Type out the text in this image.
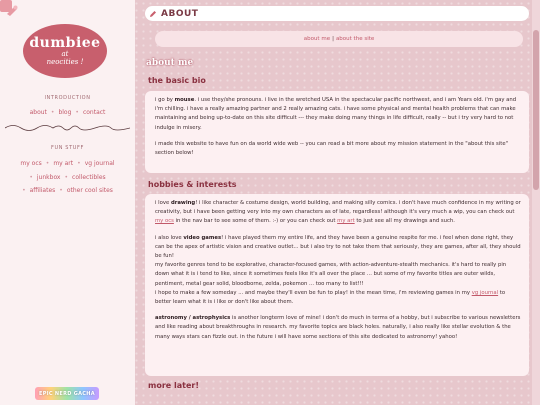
dumbiee
at
neocities !
INTRODUCTION
about • blog • contact
FUN STUFF
my ocs • my art • vg journal
• junkbox • collectibles
• affiliates • other cool sites
EPIC NERD GACHA
ABOUT
about me | about the site
about me
the basic bio

i go by mouse. i use they/she pronouns. i live in the wretched USA in the spectacular pacific northwest, and i am Years old. i'm gay and i'm chilling. i have a really amazing partner and 2 really amazing cats. i have some physical and mental health problems that can make maintaining and being up-to-date on this site difficult --- they make doing many things in life difficult, really -- but i try very hard to not indulge in misery.

i made this website to have fun on da world wide web -- you can read a bit more about my mission statement in the "about this site" section below!

hobbies & interests

i love drawing! i like character & costume design, world building, and making silly comics. i don't have much confidence in my writing or creativity, but i have been getting very into my own characters as of late, regardless! although it's very much a wip, you can check out my ocs in the nav bar to see some of them. :-) or you can check out my art to just see all my drawings and such.

i also love video games! i have played them my entire life, and they have been a genuine respite for me. i feel when done right, they can be the apex of artistic vision and creative outlet... but i also try to not take them that seriously, they are games, after all, they should be fun!

my favorite genres tend to be explorative, character-focused games, with action-adventure-stealth mechanics. it's hard to really pin down what it is i tend to like, since it sometimes feels like it's all over the place ... but some of my favorite titles are outer wilds, pentiment, metal gear solid, bloodborne, zelda, pokemon ... too many to list!!!

i hope to make a few someday ... and maybe they'll even be fun to play! in the mean time, i'm reviewing games in my vg journal to better learn what it is i like or don't like about them.

astronomy / astrophysics is another longterm love of mine! i don't do much in terms of a hobby, but i subscribe to various newsletters and like reading about breakthroughs in research. my favorite topics are black holes. naturally, i also really like stellar evolution & the many ways stars can fizzle out. in the future i will have some sections of this site dedicated to astronomy! yahoo!

more later!
